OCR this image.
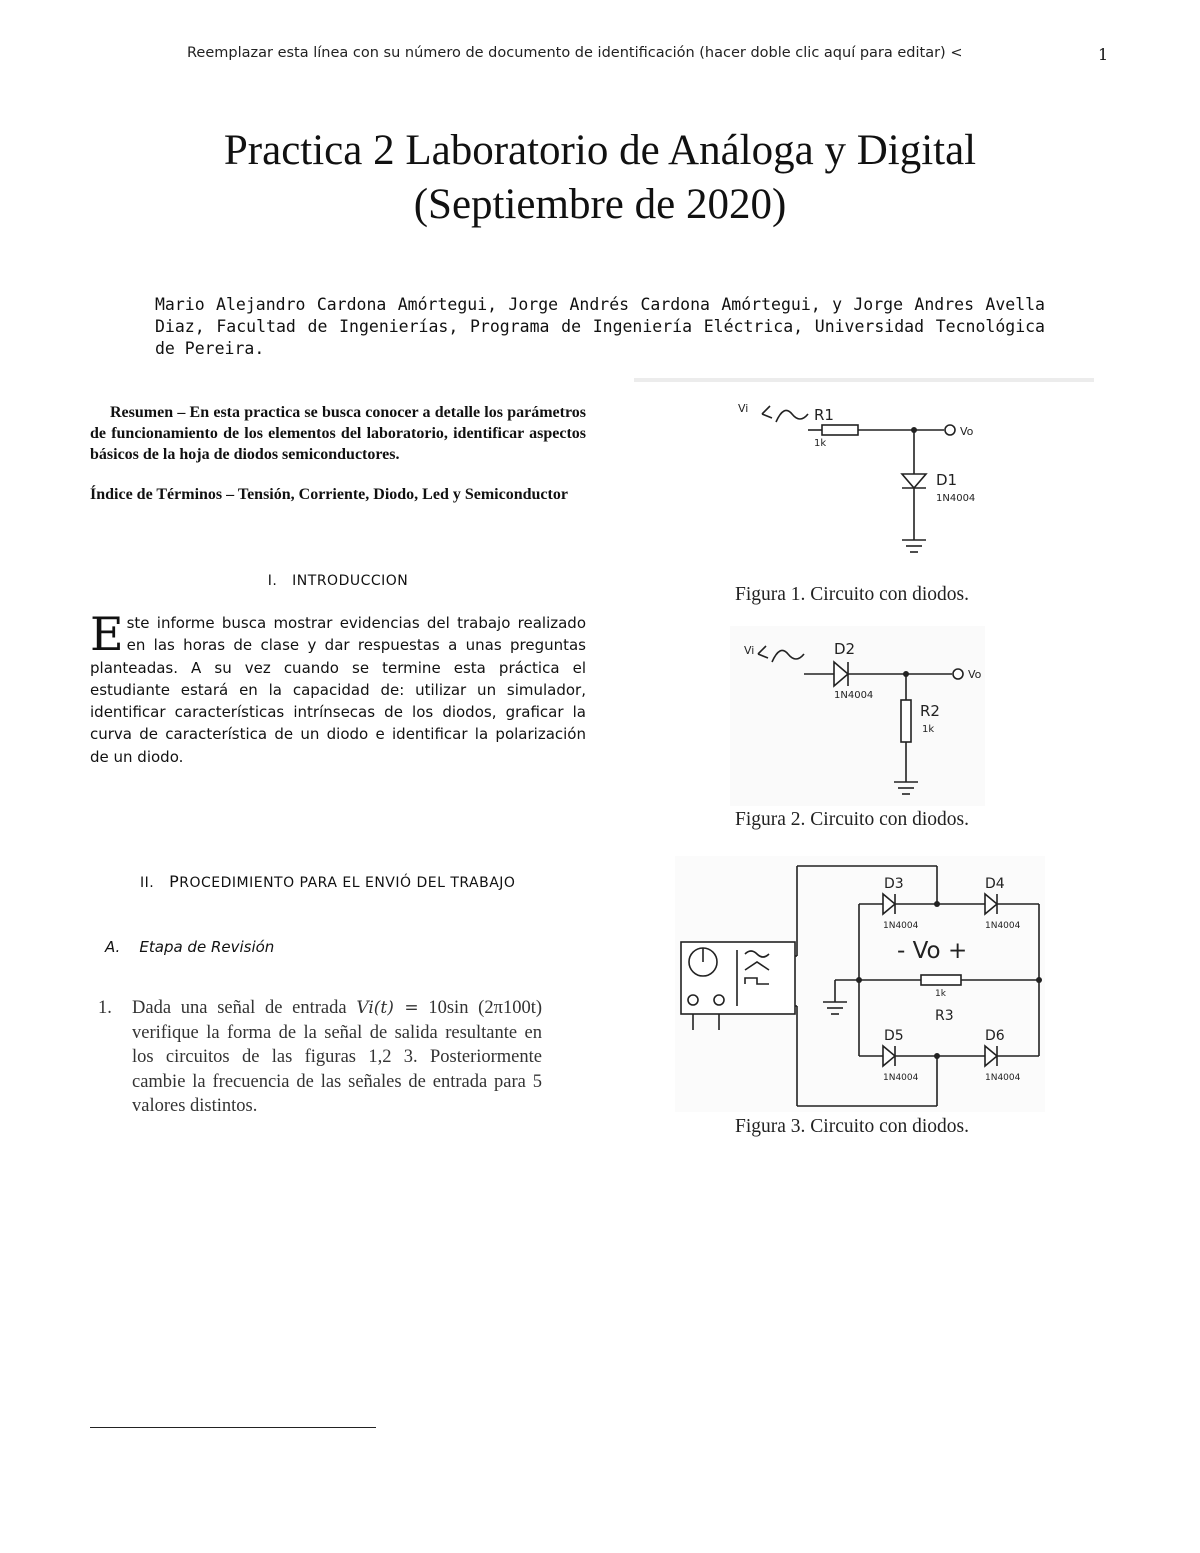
Reemplazar esta línea con su número de documento de identificación (hacer doble clic aquí para editar) <	1
Practica 2 Laboratorio de Análoga y Digital
(Septiembre de 2020)
Mario Alejandro Cardona Amórtegui, Jorge Andrés Cardona Amórtegui, y Jorge Andres Avella Diaz, Facultad de Ingenierías, Programa de Ingeniería Eléctrica, Universidad Tecnológica de Pereira.
Resumen – En esta practica se busca conocer a detalle los parámetros de funcionamiento de los elementos del laboratorio, identificar aspectos básicos de la hoja de diodos semiconductores.
Índice de Términos – Tensión, Corriente, Diodo, Led y Semiconductor
I. INTRODUCCION
Este informe busca mostrar evidencias del trabajo realizado en las horas de clase y dar respuestas a unas preguntas planteadas. A su vez cuando se termine esta práctica el estudiante estará en la capacidad de: utilizar un simulador, identificar características intrínsecas de los diodos, graficar la curva de característica de un diodo e identificar la polarización de un diodo.
II. PROCEDIMIENTO PARA EL ENVIÓ DEL TRABAJO
A. Etapa de Revisión
1. Dada una señal de entrada Vi(t) = 10sin (2π100t) verifique la forma de la señal de salida resultante en los circuitos de las figuras 1,2 3. Posteriormente cambie la frecuencia de las señales de entrada para 5 valores distintos.
Vi	R1
1k
Vo
D1
1N4004
Figura 1. Circuito con diodos.
Vi	D2
1N4004
Vo
R2
1k
Figura 2. Circuito con diodos.
D3	D4
1N4004	1N4004
- Vo +
1k
R3
D5	D6
1N4004	1N4004
Figura 3. Circuito con diodos.
